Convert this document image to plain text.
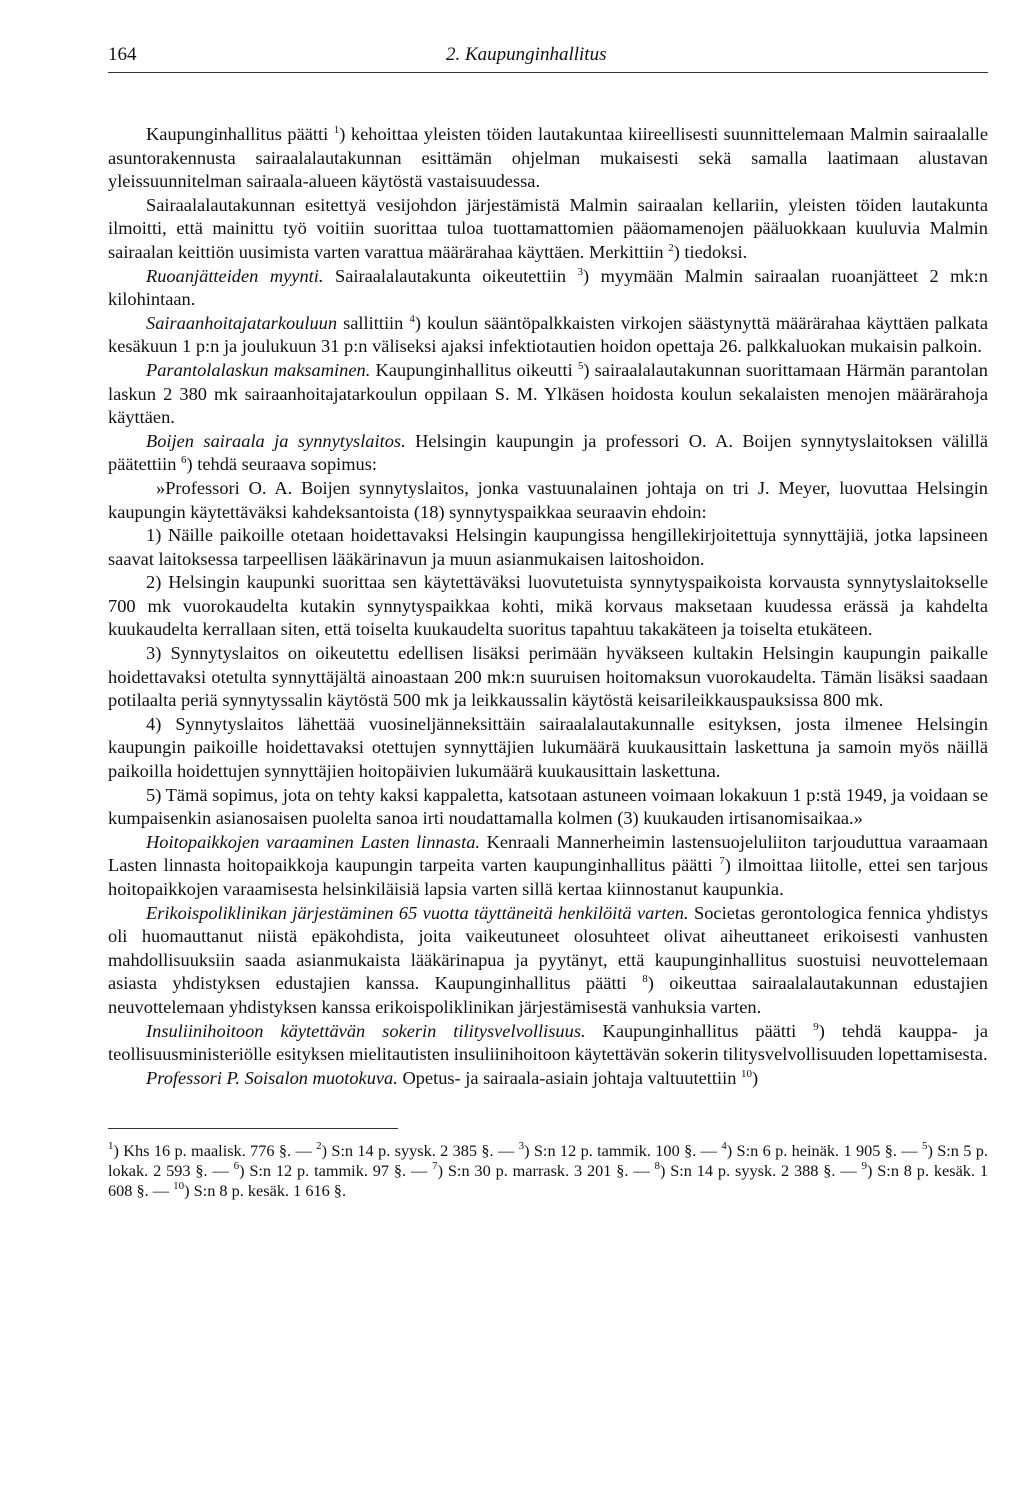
164	2. Kaupunginhallitus

Kaupunginhallitus päätti $^1$) kehoittaa yleisten töiden lautakuntaa kiireellisesti suunnittelemaan Malmin sairaalalle asuntorakennusta sairaalalautakunnan esittämän ohjelman mukaisesti sekä samalla laatimaan alustavan yleissuunnitelman sairaala-alueen käytöstä vastaisuudessa.

Sairaalalautakunnan esitettyä vesijohdon järjestämistä Malmin sairaalan kellariin, yleisten töiden lautakunta ilmoitti, että mainittu työ voitiin suorittaa tuloa tuottamattomien pääomamenojen pääluokkaan kuuluvia Malmin sairaalan keittiön uusimista varten varattua määrärahaa käyttäen. Merkittiin $^2$) tiedoksi.

Ruoanjätteiden myynti. Sairaalalautakunta oikeutettiin $^3$) myymään Malmin sairaalan ruoanjätteet 2 mk:n kilohintaan.

Sairaanhoitajatarkouluun sallittiin $^4$) koulun sääntöpalkkaisten virkojen säästynyttä määrärahaa käyttäen palkata kesäkuun 1 p:n ja joulukuun 31 p:n väliseksi ajaksi infektiotautien hoidon opettaja 26. palkkaluokan mukaisin palkoin.

Parantolalaskun maksaminen. Kaupunginhallitus oikeutti $^5$) sairaalalautakunnan suorittamaan Härmän parantolan laskun 2 380 mk sairaanhoitajatarkoulun oppilaan S. M. Ylkäsen hoidosta koulun sekalaisten menojen määrärahoja käyttäen.

Boijen sairaala ja synnytyslaitos. Helsingin kaupungin ja professori O. A. Boijen synnytyslaitoksen välillä päätettiin $^6$) tehdä seuraava sopimus:

»Professori O. A. Boijen synnytyslaitos, jonka vastuunalainen johtaja on tri J. Meyer, luovuttaa Helsingin kaupungin käytettäväksi kahdeksantoista (18) synnytyspaikkaa seuraavin ehdoin:

1) Näille paikoille otetaan hoidettavaksi Helsingin kaupungissa hengillekirjoitettuja synnyttäjiä, jotka lapsineen saavat laitoksessa tarpeellisen lääkärinavun ja muun asianmukaisen laitoshoidon.

2) Helsingin kaupunki suorittaa sen käytettäväksi luovutetuista synnytyspaikoista korvausta synnytyslaitokselle 700 mk vuorokaudelta kutakin synnytyspaikkaa kohti, mikä korvaus maksetaan kuudessa erässä ja kahdelta kuukaudelta kerrallaan siten, että toiselta kuukaudelta suoritus tapahtuu takakäteen ja toiselta etukäteen.

3) Synnytyslaitos on oikeutettu edellisen lisäksi perimään hyväkseen kultakin Helsingin kaupungin paikalle hoidettavaksi otetulta synnyttäjältä ainoastaan 200 mk:n suuruisen hoitomaksun vuorokaudelta. Tämän lisäksi saadaan potilaalta periä synnytyssalin käytöstä 500 mk ja leikkaussalin käytöstä keisarileikkauspauksissa 800 mk.

4) Synnytyslaitos lähettää vuosineljänneksittäin sairaalalautakunnalle esityksen, josta ilmenee Helsingin kaupungin paikoille hoidettavaksi otettujen synnyttäjien lukumäärä kuukausittain laskettuna ja samoin myös näillä paikoilla hoidettujen synnyttäjien hoitopäivien lukumäärä kuukausittain laskettuna.

5) Tämä sopimus, jota on tehty kaksi kappaletta, katsotaan astuneen voimaan lokakuun 1 p:stä 1949, ja voidaan se kumpaisenkin asianosaisen puolelta sanoa irti noudattamalla kolmen (3) kuukauden irtisanomisaikaa.»

Hoitopaikkojen varaaminen Lasten linnasta. Kenraali Mannerheimin lastensuojeluliiton tarjouduttua varaamaan Lasten linnasta hoitopaikkoja kaupungin tarpeita varten kaupunginhallitus päätti $^7$) ilmoittaa liitolle, ettei sen tarjous hoitopaikkojen varaamisesta helsinkiläisiä lapsia varten sillä kertaa kiinnostanut kaupunkia.

Erikoispoliklinikan järjestäminen 65 vuotta täyttäneitä henkilöitä varten. Societas gerontologica fennica yhdistys oli huomauttanut niistä epäkohdista, joita vaikeutuneet olosuhteet olivat aiheuttaneet erikoisesti vanhusten mahdollisuuksiin saada asianmukaista lääkärinapua ja pyytänyt, että kaupunginhallitus suostuisi neuvottelemaan asiasta yhdistyksen edustajien kanssa. Kaupunginhallitus päätti $^8$) oikeuttaa sairaalalautakunnan edustajien neuvottelemaan yhdistyksen kanssa erikoispoliklinikan järjestämisestä vanhuksia varten.

Insuliinihoitoon käytettävän sokerin tilitysvelvollisuus. Kaupunginhallitus päätti $^9$) tehdä kauppa- ja teollisuusministeriölle esityksen mielitautisten insuliinihoitoon käytettävän sokerin tilitysvelvollisuuden lopettamisesta.

Professori P. Soisalon muotokuva. Opetus- ja sairaala-asiain johtaja valtuutettiin $^{10}$)

$^1$) Khs 16 p. maalisk. 776 §. — $^2$) S:n 14 p. syysk. 2 385 §. — $^3$) S:n 12 p. tammik. 100 §. — $^4$) S:n 6 p. heinäk. 1 905 §. — $^5$) S:n 5 p. lokak. 2 593 §. — $^6$) S:n 12 p. tammik. 97 §. — $^7$) S:n 30 p. marrask. 3 201 §. — $^8$) S:n 14 p. syysk. 2 388 §. — $^9$) S:n 8 p. kesäk. 1 608 §. — $^{10}$) S:n 8 p. kesäk. 1 616 §.
